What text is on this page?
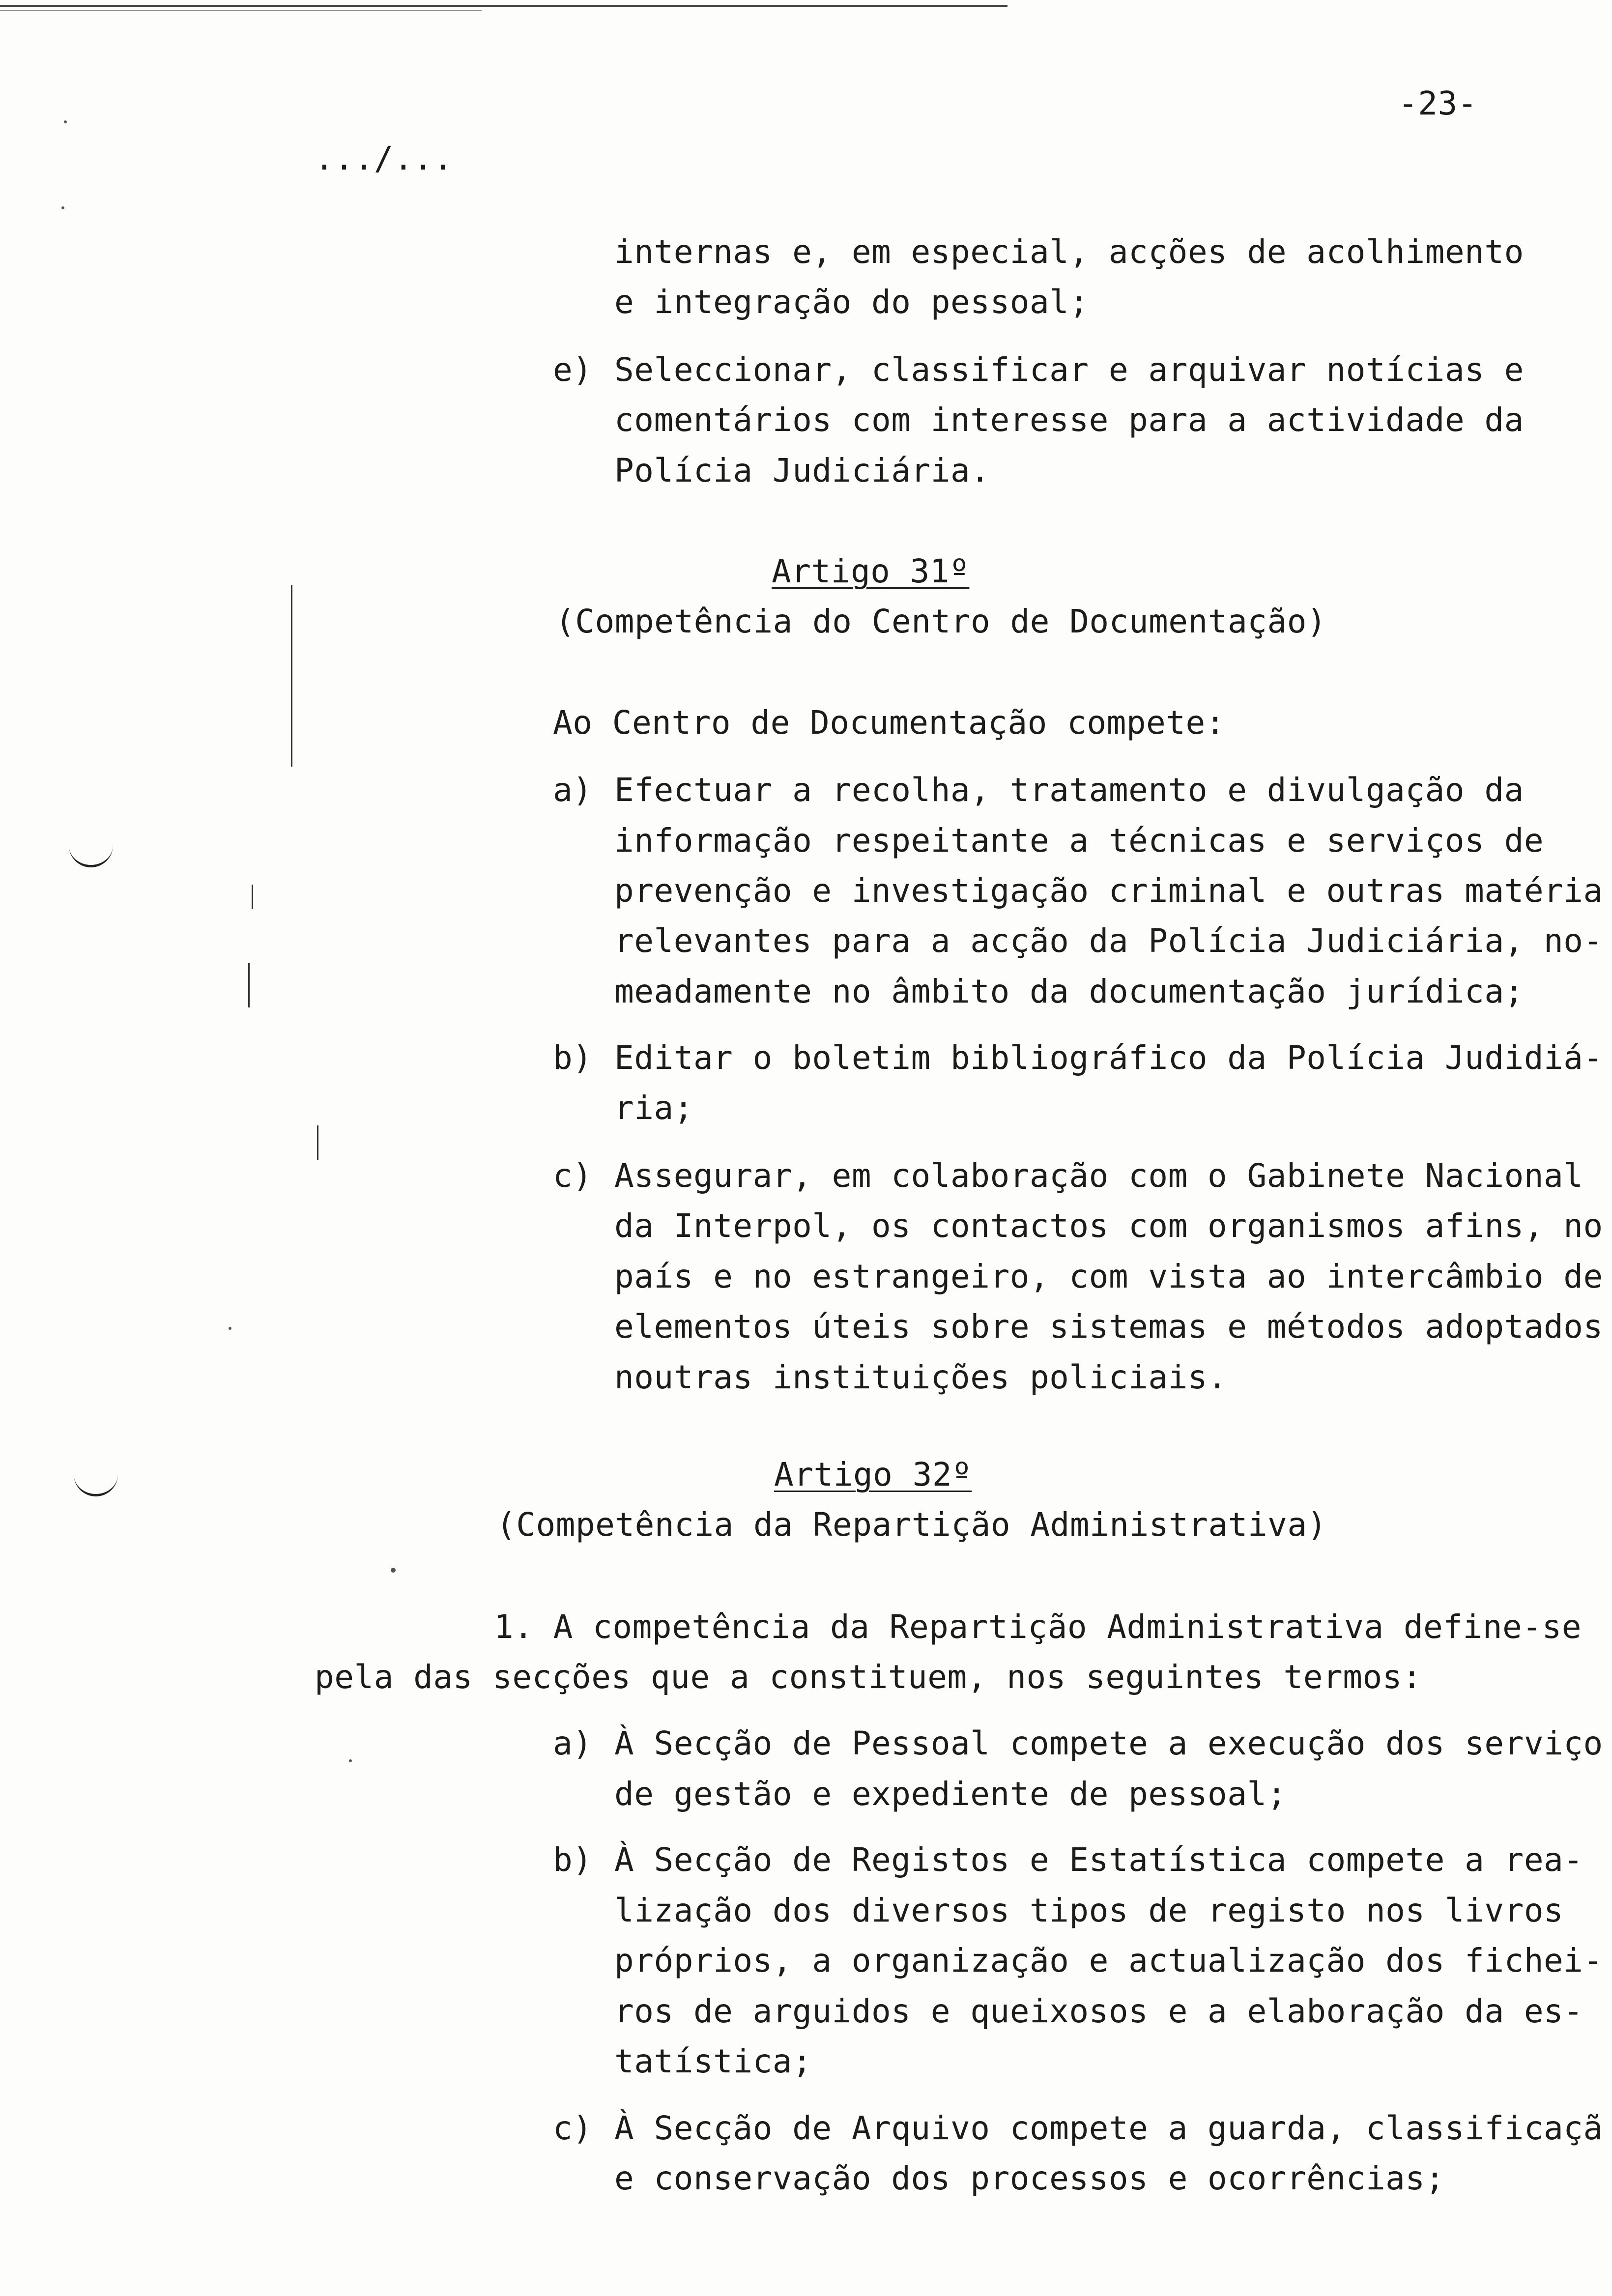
-23-
.../...
internas e, em especial, acções de acolhimento
e integração do pessoal;
e) Seleccionar, classificar e arquivar notícias e
comentários com interesse para a actividade da
Polícia Judiciária.
Artigo 31º
(Competência do Centro de Documentação)
Ao Centro de Documentação compete:
a) Efectuar a recolha, tratamento e divulgação da
informação respeitante a técnicas e serviços de
prevenção e investigação criminal e outras matéria
relevantes para a acção da Polícia Judiciária, no-
meadamente no âmbito da documentação jurídica;
b) Editar o boletim bibliográfico da Polícia Judidiá-
ria;
c) Assegurar, em colaboração com o Gabinete Nacional
da Interpol, os contactos com organismos afins, no
país e no estrangeiro, com vista ao intercâmbio de
elementos úteis sobre sistemas e métodos adoptados
noutras instituições policiais.
Artigo 32º
(Competência da Repartição Administrativa)
1. A competência da Repartição Administrativa define-se
pela das secções que a constituem, nos seguintes termos:
a) À Secção de Pessoal compete a execução dos serviço
de gestão e expediente de pessoal;
b) À Secção de Registos e Estatística compete a rea-
lização dos diversos tipos de registo nos livros
próprios, a organização e actualização dos fichei-
ros de arguidos e queixosos e a elaboração da es-
tatística;
c) À Secção de Arquivo compete a guarda, classificaçã
e conservação dos processos e ocorrências;
